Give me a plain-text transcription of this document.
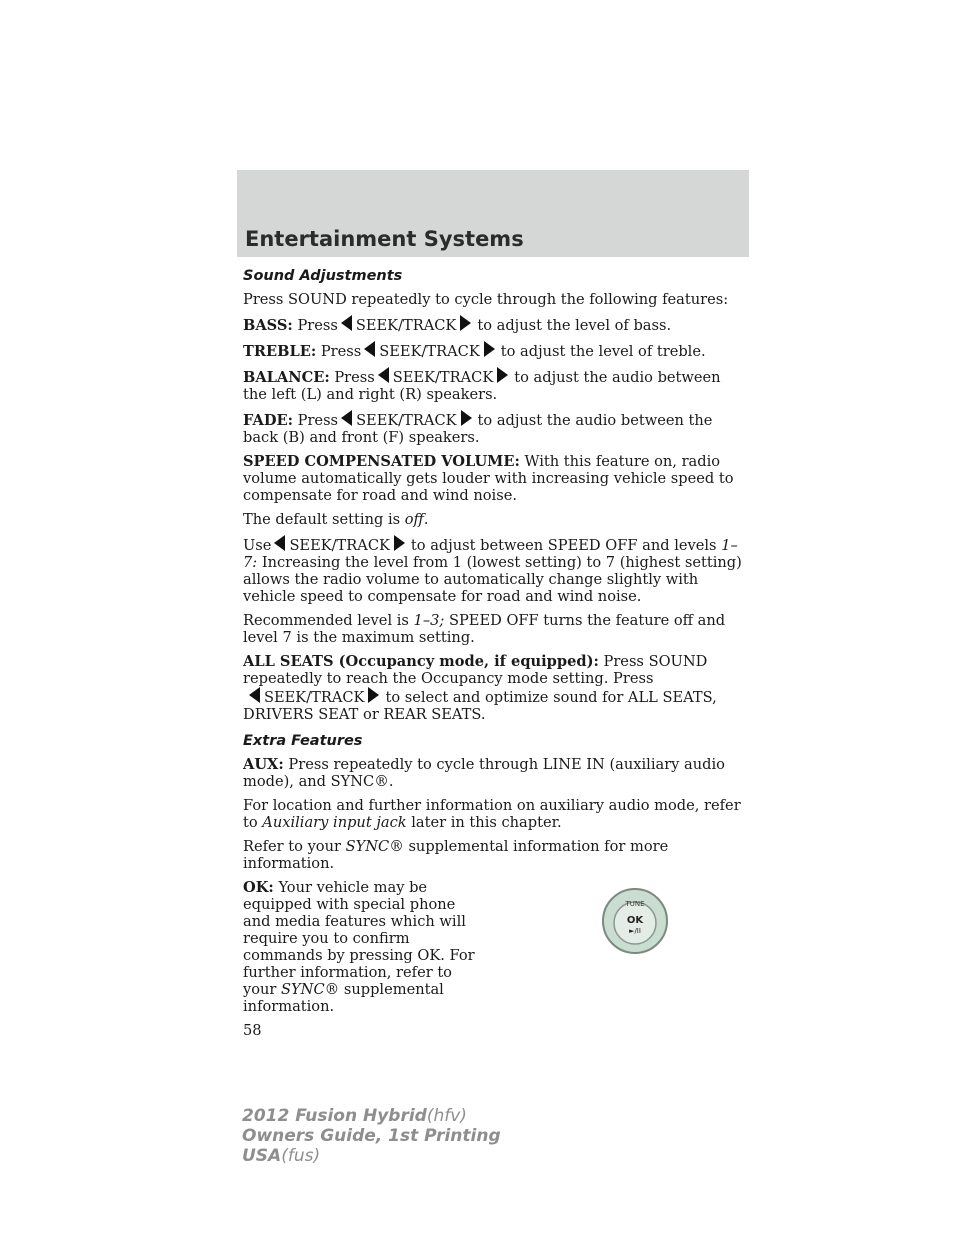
Entertainment Systems
Sound Adjustments

Press SOUND repeatedly to cycle through the following features:

BASS: Press SEEK/TRACK to adjust the level of bass.

TREBLE: Press SEEK/TRACK to adjust the level of treble.

BALANCE: Press SEEK/TRACK to adjust the audio between the left (L) and right (R) speakers.

FADE: Press SEEK/TRACK to adjust the audio between the back (B) and front (F) speakers.

SPEED COMPENSATED VOLUME: With this feature on, radio volume automatically gets louder with increasing vehicle speed to compensate for road and wind noise.

The default setting is off.

Use SEEK/TRACK to adjust between SPEED OFF and levels 1–7: Increasing the level from 1 (lowest setting) to 7 (highest setting) allows the radio volume to automatically change slightly with vehicle speed to compensate for road and wind noise.

Recommended level is 1–3; SPEED OFF turns the feature off and level 7 is the maximum setting.

ALL SEATS (Occupancy mode, if equipped): Press SOUND repeatedly to reach the Occupancy mode setting. Press
SEEK/TRACK to select and optimize sound for ALL SEATS, DRIVERS SEAT or REAR SEATS.

Extra Features

AUX: Press repeatedly to cycle through LINE IN (auxiliary audio mode), and SYNC®.

For location and further information on auxiliary audio mode, refer to Auxiliary input jack later in this chapter.

Refer to your SYNC® supplemental information for more information.

OK: Your vehicle may be equipped with special phone and media features which will require you to confirm commands by pressing OK. For further information, refer to your SYNC® supplemental information.

TUNE
OK
►/II
58
2012 Fusion Hybrid(hfv)
Owners Guide, 1st Printing
USA(fus)
